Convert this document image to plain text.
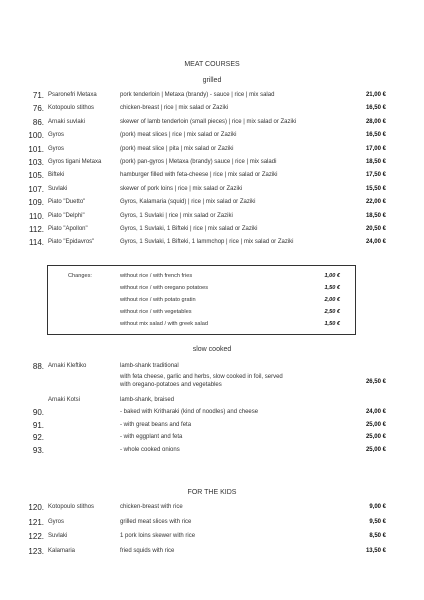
MEAT COURSES
grilled
71. Psaronefri Metaxa	pork tenderloin | Metaxa (brandy) - sauce | rice | mix salad	21,00 €
76. Kotopoulo stithos	chicken-breast | rice | mix salad or Zaziki	16,50 €
86. Arnaki suvlaki	skewer of lamb tenderloin (small pieces) | rice | mix salad or Zaziki	28,00 €
100. Gyros	(pork) meat slices | rice | mix salad or Zaziki	16,50 €
101. Gyros	(pork) meat slice | pita | mix salad or Zaziki	17,00 €
103. Gyros tigani Metaxa	(pork) pan-gyros | Metaxa (brandy) sauce | rice | mix saladi	18,50 €
105. Bifteki	hamburger filled with feta-cheese | rice | mix salad or Zaziki	17,50 €
107. Suvlaki	skewer of pork loins | rice | mix salad or Zaziki	15,50 €
109. Piato "Duetto"	Gyros, Kalamaria (squid) | rice | mix salad or Zaziki	22,00 €
110. Piato "Delphi"	Gyros, 1 Suvlaki | rice | mix salad or Zaziki	18,50 €
112. Piato "Apollon"	Gyros, 1 Suvlaki, 1 Bifteki | rice | mix salad or Zaziki	20,50 €
114. Piato "Epidavros"	Gyros, 1 Suvlaki, 1 Bifteki, 1 lammchop | rice | mix salad or Zaziki	24,00 €
Changes:	without rice / with french fries	1,00 €
without rice / with oregano potatoes	1,50 €
without rice / with potato gratin	2,00 €
without rice / with vegetables	2,50 €
without mix salad / with greek salad	1,50 €
slow cooked
88. Arnaki Kleftiko	lamb-shank traditional
with feta cheese, garlic and herbs, slow cooked in foil, served
with oregano-potatoes and vegetables	26,50 €
Arnaki Kotsi	lamb-shank, braised
90.	- baked with Kritharaki (kind of noodles) and cheese	24,00 €
91.	- with great beans and feta	25,00 €
92.	- with eggplant and feta	25,00 €
93.	- whole cooked onions	25,00 €
FOR THE KIDS
120. Kotopoulo stithos	chicken-breast with rice	9,00 €
121. Gyros	grilled meat slices with rice	9,50 €
122. Suvlaki	1 pork loins skewer with rice	8,50 €
123. Kalamaria	fried squids with rice	13,50 €
